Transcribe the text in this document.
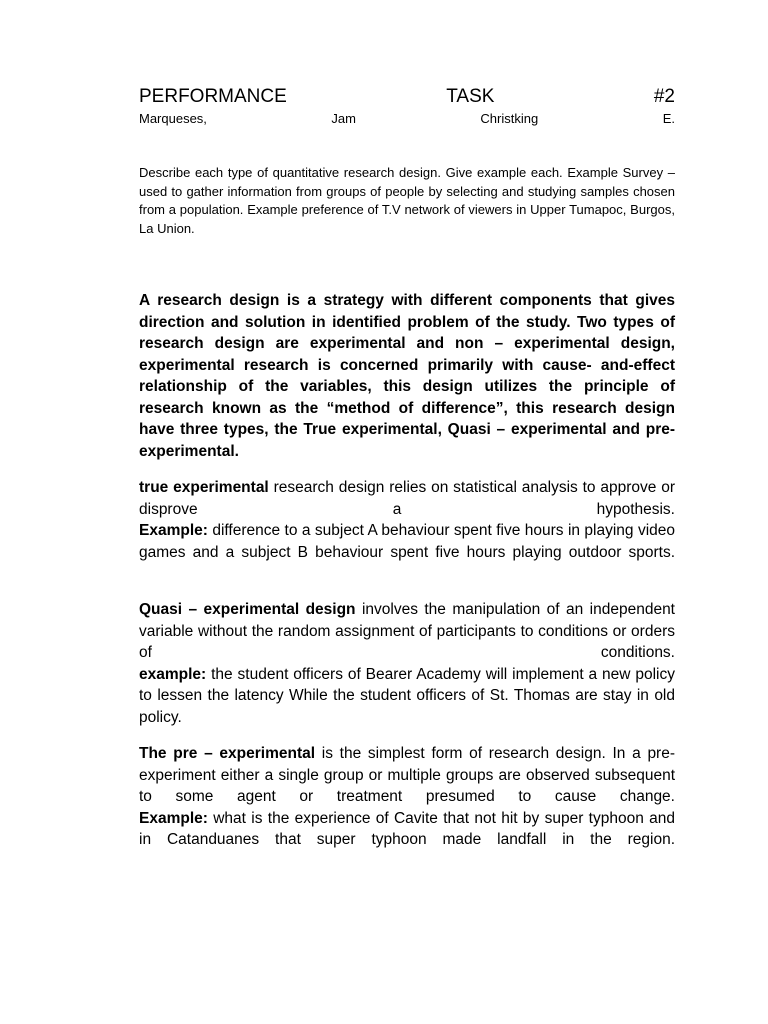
PERFORMANCE	TASK	#2
Marqueses,	Jam	Christking	E.

Describe each type of quantitative research design. Give example each. Example Survey – used to gather information from groups of people by selecting and studying samples chosen from a population. Example preference of T.V network of viewers in Upper Tumapoc, Burgos, La Union.

A research design is a strategy with different components that gives direction and solution in identified problem of the study. Two types of research design are experimental and non – experimental design, experimental research is concerned primarily with cause- and-effect relationship of the variables, this design utilizes the principle of research known as the “method of difference”, this research design have three types, the True experimental, Quasi – experimental and pre-experimental.

true experimental research design relies on statistical analysis to approve or disprove a hypothesis.
Example: difference to a subject A behaviour spent five hours in playing video games and a subject B behaviour spent five hours playing outdoor sports.

Quasi – experimental design involves the manipulation of an independent variable without the random assignment of participants to conditions or orders of conditions.
example: the student officers of Bearer Academy will implement a new policy to lessen the latency While the student officers of St. Thomas are stay in old policy.

The pre – experimental is the simplest form of research design. In a pre-experiment either a single group or multiple groups are observed subsequent to some agent or treatment presumed to cause change.
Example: what is the experience of Cavite that not hit by super typhoon and in Catanduanes that super typhoon made landfall in the region.
